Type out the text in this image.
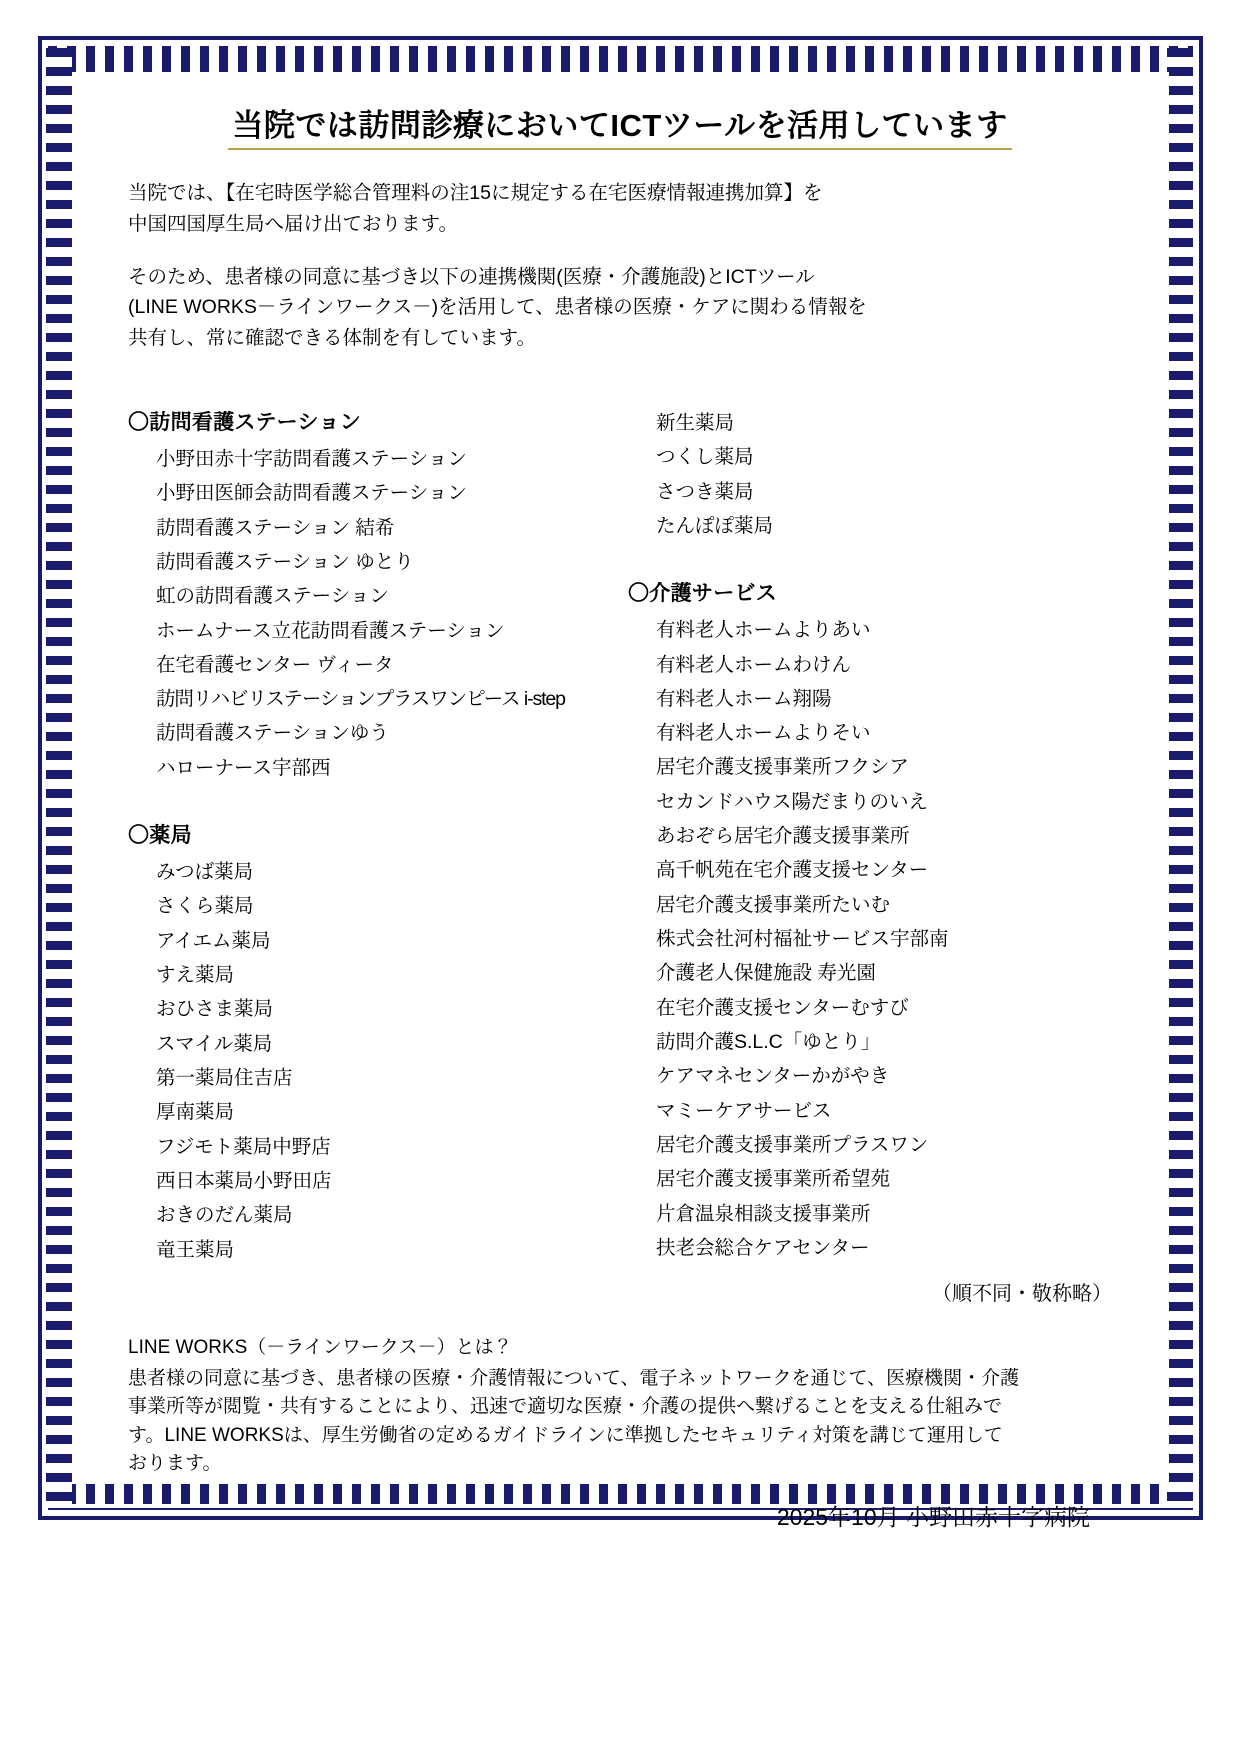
当院では訪問診療においてICTツールを活用しています

当院では、【在宅時医学総合管理料の注15に規定する在宅医療情報連携加算】を
中国四国厚生局へ届け出ております。

そのため、患者様の同意に基づき以下の連携機関(医療・介護施設)とICTツール
(LINE WORKS－ラインワークス－)を活用して、患者様の医療・ケアに関わる情報を
共有し、常に確認できる体制を有しています。

〇訪問看護ステーション
小野田赤十字訪問看護ステーション
小野田医師会訪問看護ステーション
訪問看護ステーション 結希
訪問看護ステーション ゆとり
虹の訪問看護ステーション
ホームナース立花訪問看護ステーション
在宅看護センター ヴィータ
訪問リハビリステーションプラスワンピース i-step
訪問看護ステーションゆう
ハローナース宇部西
〇薬局
みつば薬局
さくら薬局
アイエム薬局
すえ薬局
おひさま薬局
スマイル薬局
第一薬局住吉店
厚南薬局
フジモト薬局中野店
西日本薬局小野田店
おきのだん薬局
竜王薬局
新生薬局
つくし薬局
さつき薬局
たんぽぽ薬局
〇介護サービス
有料老人ホームよりあい
有料老人ホームわけん
有料老人ホーム翔陽
有料老人ホームよりそい
居宅介護支援事業所フクシア
セカンドハウス陽だまりのいえ
あおぞら居宅介護支援事業所
高千帆苑在宅介護支援センター
居宅介護支援事業所たいむ
株式会社河村福祉サービス宇部南
介護老人保健施設 寿光園
在宅介護支援センターむすび
訪問介護S.L.C「ゆとり」
ケアマネセンターかがやき
マミーケアサービス
居宅介護支援事業所プラスワン
居宅介護支援事業所希望苑
片倉温泉相談支援事業所
扶老会総合ケアセンター
（順不同・敬称略）

LINE WORKS（－ラインワークス－）とは？

患者様の同意に基づき、患者様の医療・介護情報について、電子ネットワークを通じて、医療機関・介護
事業所等が閲覧・共有することにより、迅速で適切な医療・介護の提供へ繋げることを支える仕組みで
す。LINE WORKSは、厚生労働省の定めるガイドラインに準拠したセキュリティ対策を講じて運用して
おります。

2025年10月 小野田赤十字病院
